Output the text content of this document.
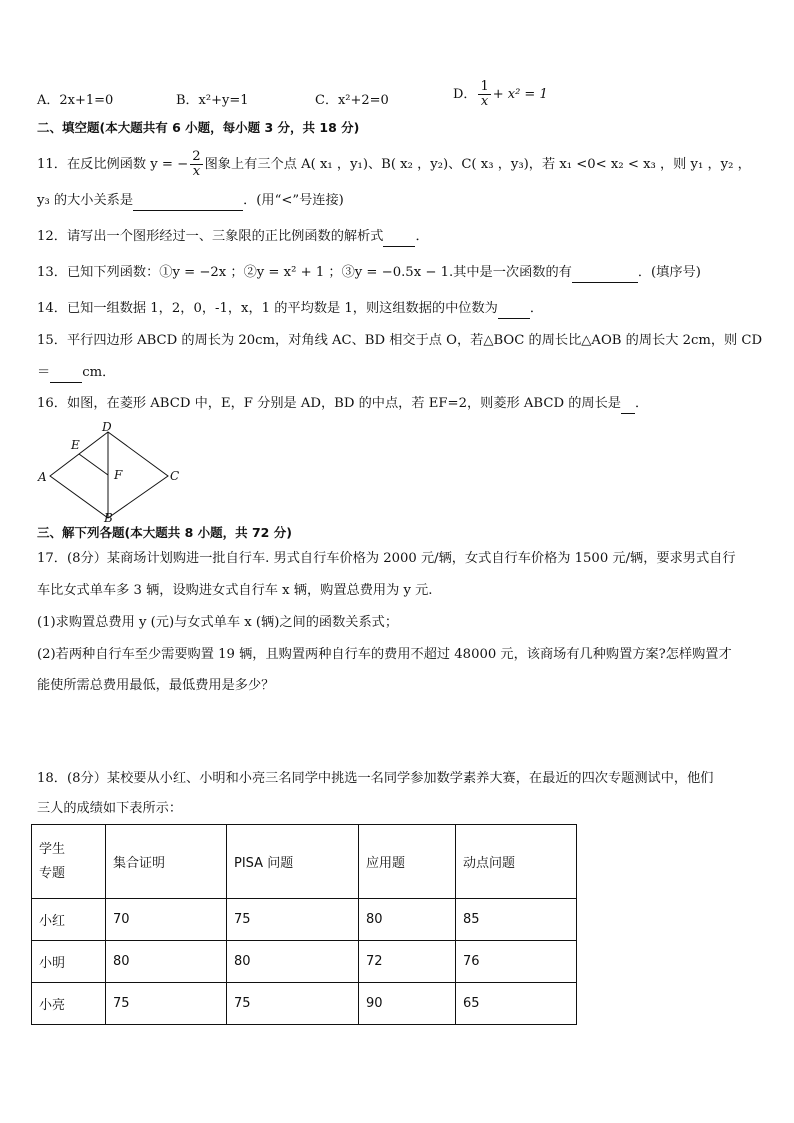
A．2x+1=0	B．x²+y=1	C．x²+2=0	D． $\frac{1}{x} + x^2 = 1$
二、填空题(本大题共有 6 小题，每小题 3 分，共 18 分)
11．在反比例函数 y = − $\frac{2}{x}$ 图象上有三个点 A( x₁ ，y₁)、B( x₂ ，y₂)、C( x₃ ，y₃)，若 x₁ <0< x₂ < x₃ ，则 y₁ ，y₂ ，
y₃ 的大小关系是	．(用“<”号连接)
12．请写出一个图形经过一、三象限的正比例函数的解析式 ．
13．已知下列函数：①y = −2x ；②y = x² + 1 ；③y = −0.5x − 1.其中是一次函数的有	．(填序号)
14．已知一组数据 1，2，0，-1，x，1 的平均数是 1，则这组数据的中位数为 ．
15．平行四边形 ABCD 的周长为 20cm，对角线 AC、BD 相交于点 O，若△BOC 的周长比△AOB 的周长大 2cm，则 CD
＝ cm．
16．如图，在菱形 ABCD 中，E，F 分别是 AD，BD 的中点，若 EF=2，则菱形 ABCD 的周长是 ．
A
D
E
F	C
B
三、解下列各题(本大题共 8 小题，共 72 分)
17．(8分）某商场计划购进一批自行车. 男式自行车价格为 2000 元/辆，女式自行车价格为 1500 元/辆，要求男式自行
车比女式单车多 3 辆，设购进女式自行车 x 辆，购置总费用为 y 元.
(1)求购置总费用 y (元)与女式单车 x (辆)之间的函数关系式；
(2)若两种自行车至少需要购置 19 辆，且购置两种自行车的费用不超过 48000 元，该商场有几种购置方案?怎样购置才
能使所需总费用最低，最低费用是多少？
18．(8分）某校要从小红、小明和小亮三名同学中挑选一名同学参加数学素养大赛，在最近的四次专题测试中，他们
三人的成绩如下表所示：
学生
专题	集合证明	PISA 问题	应用题	动点问题
小红	70	75	80	85
小明	80	80	72	76
小亮	75	75	90	65
